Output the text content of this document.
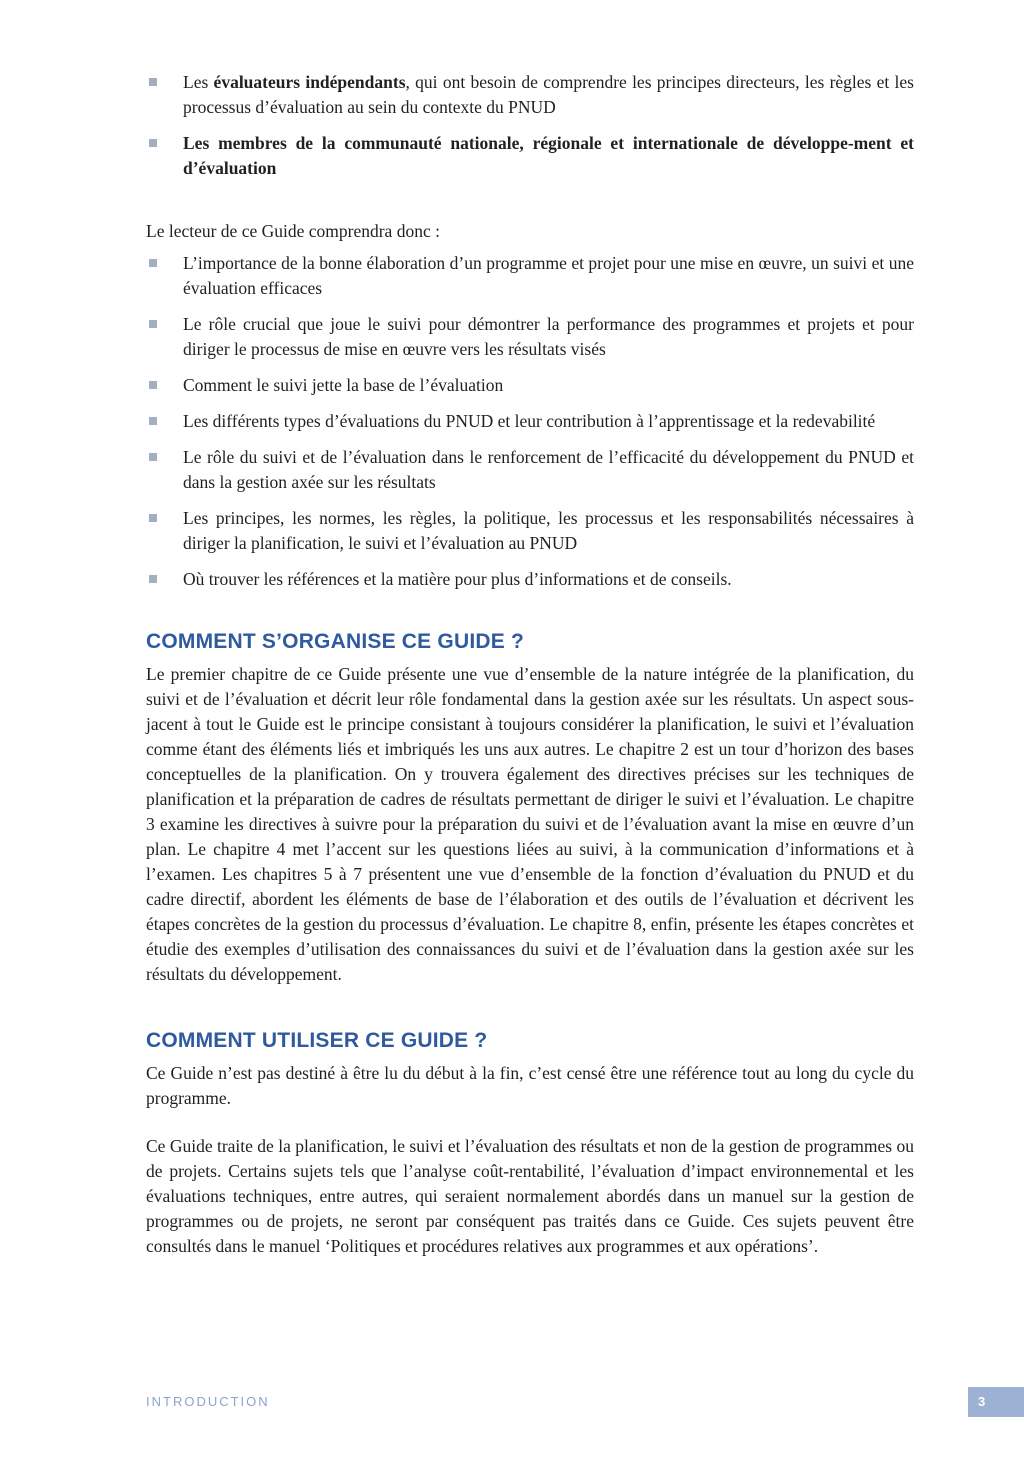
Les évaluateurs indépendants, qui ont besoin de comprendre les principes directeurs, les règles et les processus d’évaluation au sein du contexte du PNUD
Les membres de la communauté nationale, régionale et internationale de développe-ment et d’évaluation

Le lecteur de ce Guide comprendra donc :

L’importance de la bonne élaboration d’un programme et projet pour une mise en œuvre, un suivi et une évaluation efficaces
Le rôle crucial que joue le suivi pour démontrer la performance des programmes et projets et pour diriger le processus de mise en œuvre vers les résultats visés
Comment le suivi jette la base de l’évaluation
Les différents types d’évaluations du PNUD et leur contribution à l’apprentissage et la redevabilité
Le rôle du suivi et de l’évaluation dans le renforcement de l’efficacité du développement du PNUD et dans la gestion axée sur les résultats
Les principes, les normes, les règles, la politique, les processus et les responsabilités nécessaires à diriger la planification, le suivi et l’évaluation au PNUD
Où trouver les références et la matière pour plus d’informations et de conseils.
COMMENT S’ORGANISE CE GUIDE ?

Le premier chapitre de ce Guide présente une vue d’ensemble de la nature intégrée de la planification, du suivi et de l’évaluation et décrit leur rôle fondamental dans la gestion axée sur les résultats. Un aspect sous-jacent à tout le Guide est le principe consistant à toujours considérer la planification, le suivi et l’évaluation comme étant des éléments liés et imbriqués les uns aux autres. Le chapitre 2 est un tour d’horizon des bases conceptuelles de la planification. On y trouvera également des directives précises sur les techniques de planification et la préparation de cadres de résultats permettant de diriger le suivi et l’évaluation. Le chapitre 3 examine les directives à suivre pour la préparation du suivi et de l’évaluation avant la mise en œuvre d’un plan. Le chapitre 4 met l’accent sur les questions liées au suivi, à la communication d’informations et à l’examen. Les chapitres 5 à 7 présentent une vue d’ensemble de la fonction d’évaluation du PNUD et du cadre directif, abordent les éléments de base de l’élaboration et des outils de l’évaluation et décrivent les étapes concrètes de la gestion du processus d’évaluation. Le chapitre 8, enfin, présente les étapes concrètes et étudie des exemples d’utilisation des connaissances du suivi et de l’évaluation dans la gestion axée sur les résultats du développement.

COMMENT UTILISER CE GUIDE ?

Ce Guide n’est pas destiné à être lu du début à la fin, c’est censé être une référence tout au long du cycle du programme.

Ce Guide traite de la planification, le suivi et l’évaluation des résultats et non de la gestion de programmes ou de projets. Certains sujets tels que l’analyse coût-rentabilité, l’évaluation d’impact environnemental et les évaluations techniques, entre autres, qui seraient normalement abordés dans un manuel sur la gestion de programmes ou de projets, ne seront par conséquent pas traités dans ce Guide. Ces sujets peuvent être consultés dans le manuel ‘Politiques et procédures relatives aux programmes et aux opérations’.

INTRODUCTION	3
